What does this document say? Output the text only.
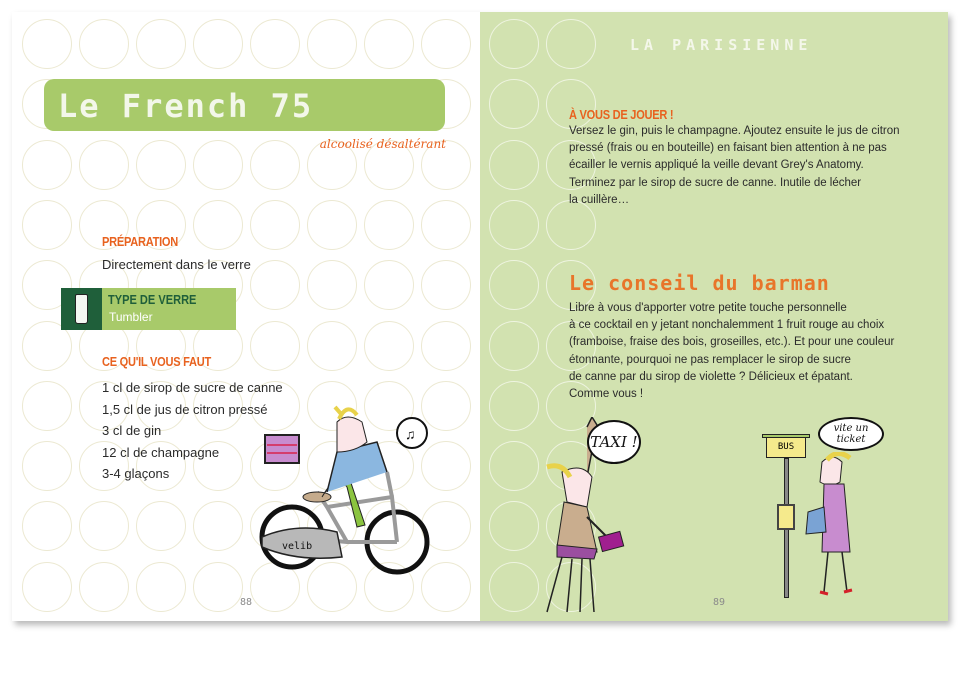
Le French 75
alcoolisé désaltérant
PRÉPARATION
Directement dans le verre
TYPE DE VERRE
Tumbler
CE QU'IL VOUS FAUT
1 cl de sirop de sucre de canne
1,5 cl de jus de citron pressé
3 cl de gin
12 cl de champagne
3-4 glaçons
velib
♫
88
LA PARISIENNE
À VOUS DE JOUER !
Versez le gin, puis le champagne. Ajoutez ensuite le jus de citron
pressé (frais ou en bouteille) en faisant bien attention à ne pas
écailler le vernis appliqué la veille devant Grey's Anatomy.
Terminez par le sirop de sucre de canne. Inutile de lécher
la cuillère…
Le conseil du barman
Libre à vous d'apporter votre petite touche personnelle
à ce cocktail en y jetant nonchalemment 1 fruit rouge au choix
(framboise, fraise des bois, groseilles, etc.). Et pour une couleur
étonnante, pourquoi ne pas remplacer le sirop de sucre
de canne par du sirop de violette ? Délicieux et épatant.
Comme vous !
TAXI !	BUS
vite un ticket
89
